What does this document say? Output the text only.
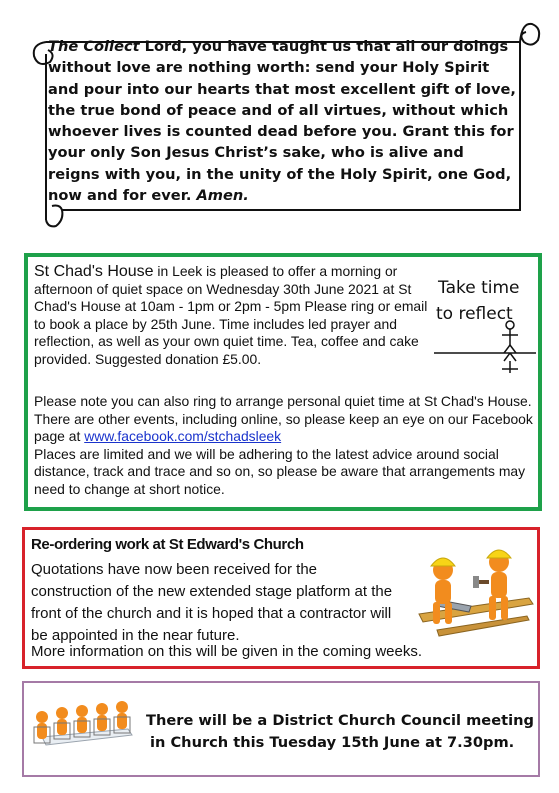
The Collect Lord, you have taught us that all our doings without love are nothing worth: send your Holy Spirit and pour into our hearts that most excellent gift of love, the true bond of peace and of all virtues, without which whoever lives is counted dead before you. Grant this for your only Son Jesus Christ’s sake, who is alive and reigns with you, in the unity of the Holy Spirit, one God, now and for ever. Amen.
St Chad's House in Leek is pleased to offer a morning or afternoon of quiet space on Wednesday 30th June 2021 at St Chad's House at 10am - 1pm or 2pm - 5pm Please ring or email to book a place by 25th June. Time includes led prayer and reflection, as well as your own quiet time. Tea, coffee and cake provided. Suggested donation £5.00.
Take time
to reflect
Please note you can also ring to arrange personal quiet time at St Chad's House. There are other events, including online, so please keep an eye on our Facebook page at www.facebook.com/stchadsleek
Places are limited and we will be adhering to the latest advice around social distance, track and trace and so on, so please be aware that arrangements may need to change at short notice.
Re-ordering work at St Edward's Church
Quotations have now been received for the construction of the new extended stage platform at the front of the church and it is hoped that a contractor will be appointed in the near future.
More information on this will be given in the coming weeks.
There will be a District Church Council meeting
in Church this Tuesday 15th June at 7.30pm.
